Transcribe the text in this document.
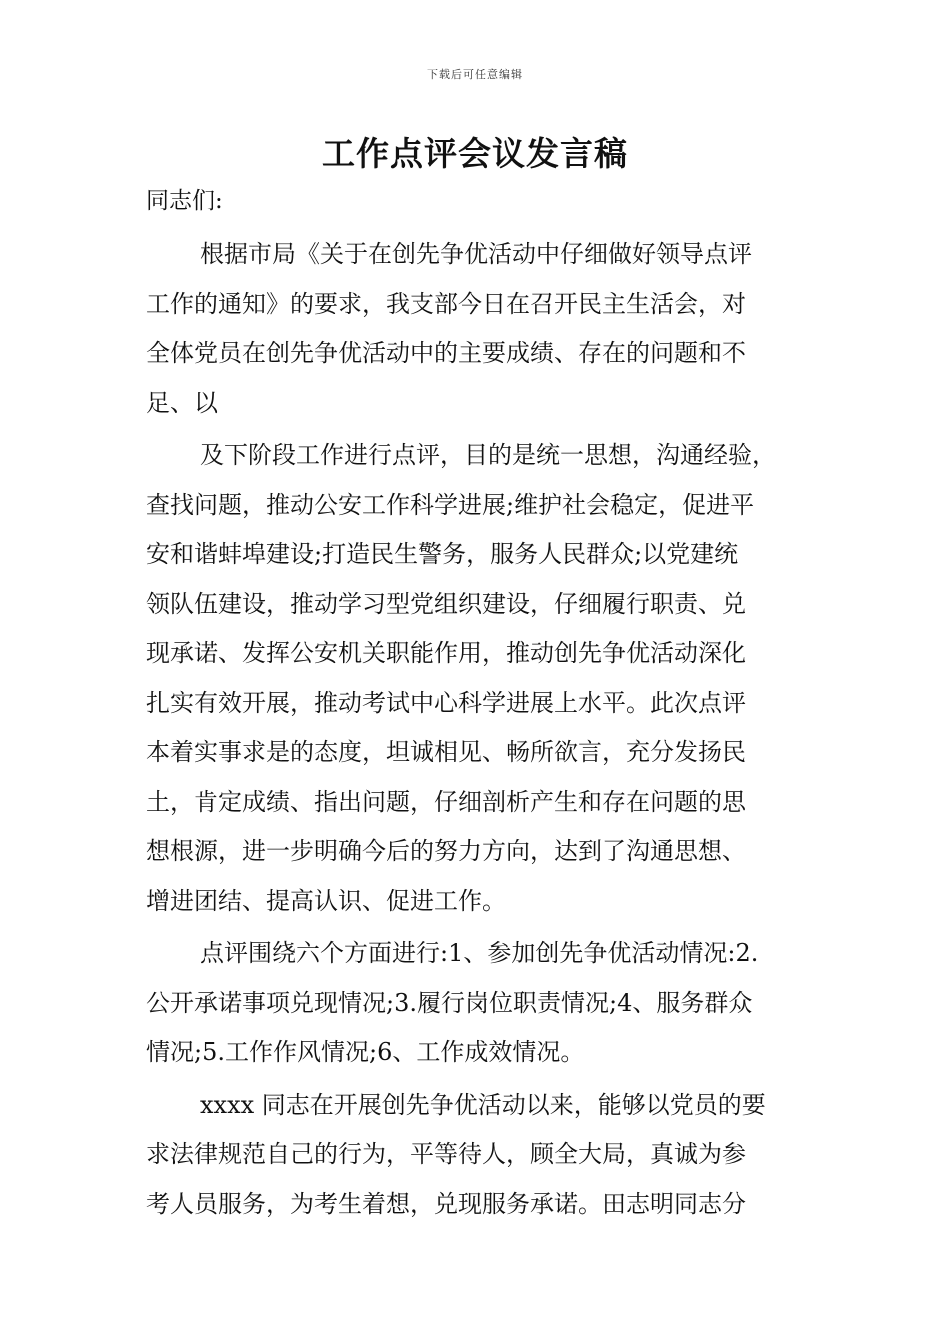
下载后可任意编辑
工作点评会议发言稿

同志们:

根据市局《关于在创先争优活动中仔细做好领导点评
工作的通知》的要求，我支部今日在召开民主生活会，对
全体党员在创先争优活动中的主要成绩、存在的问题和不
足、以

及下阶段工作进行点评，目的是统一思想，沟通经验，
查找问题，推动公安工作科学进展;维护社会稳定，促进平
安和谐蚌埠建设;打造民生警务，服务人民群众;以党建统
领队伍建设，推动学习型党组织建设，仔细履行职责、兑
现承诺、发挥公安机关职能作用，推动创先争优活动深化
扎实有效开展，推动考试中心科学进展上水平。此次点评
本着实事求是的态度，坦诚相见、畅所欲言，充分发扬民
土，肯定成绩、指出问题，仔细剖析产生和存在问题的思
想根源，进一步明确今后的努力方向，达到了沟通思想、
增进团结、提高认识、促进工作。

点评围绕六个方面进行:1、参加创先争优活动情况:2.
公开承诺事项兑现情况;3.履行岗位职责情况;4、服务群众
情况;5.工作作风情况;6、工作成效情况。

xxxx 同志在开展创先争优活动以来，能够以党员的要
求法律规范自己的行为，平等待人，顾全大局，真诚为参
考人员服务，为考生着想，兑现服务承诺。田志明同志分
